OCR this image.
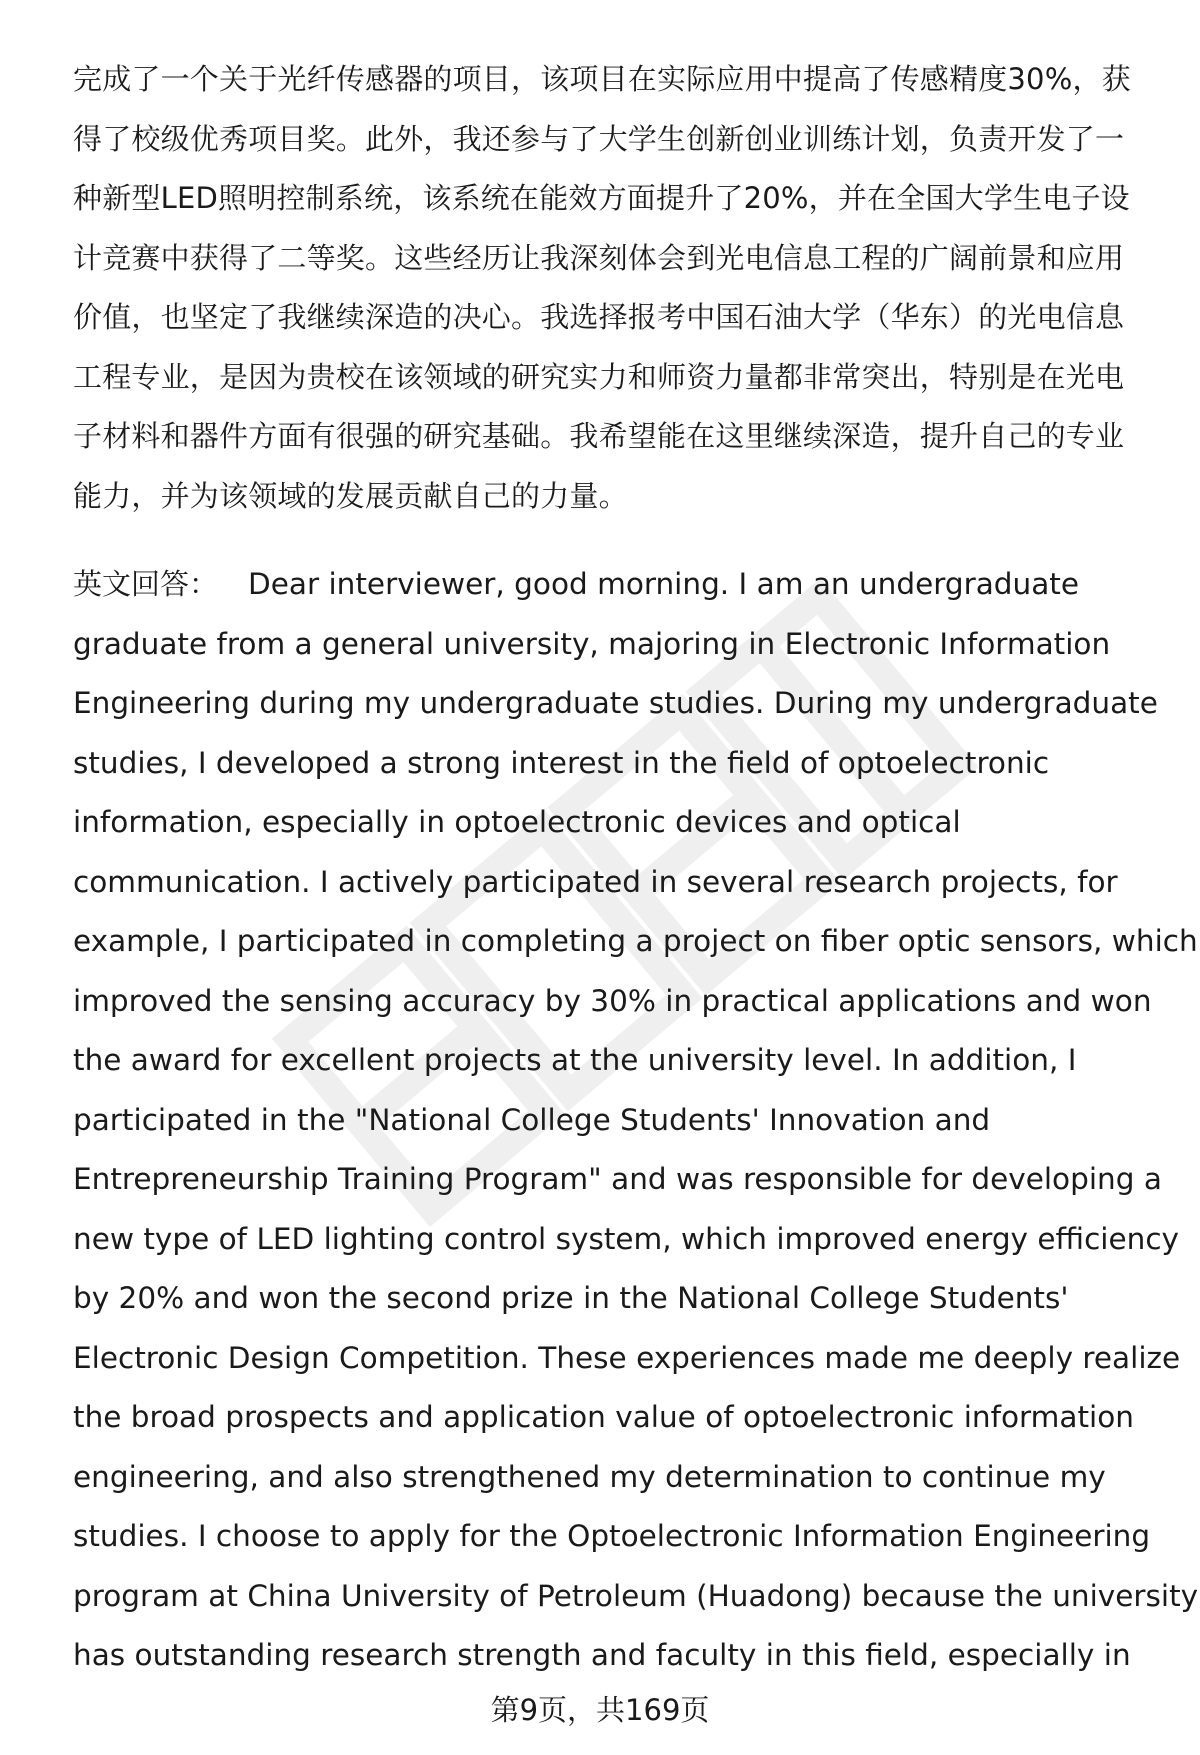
完成了一个关于光纤传感器的项目，该项目在实际应用中提高了传感精度30%，获
得了校级优秀项目奖。此外，我还参与了大学生创新创业训练计划，负责开发了一
种新型LED照明控制系统，该系统在能效方面提升了20%，并在全国大学生电子设
计竞赛中获得了二等奖。这些经历让我深刻体会到光电信息工程的广阔前景和应用
价值，也坚定了我继续深造的决心。我选择报考中国石油大学（华东）的光电信息
工程专业，是因为贵校在该领域的研究实力和师资力量都非常突出，特别是在光电
子材料和器件方面有很强的研究基础。我希望能在这里继续深造，提升自己的专业
能力，并为该领域的发展贡献自己的力量。
英文回答： Dear interviewer, good morning. I am an undergraduate
graduate from a general university, majoring in Electronic Information
Engineering during my undergraduate studies. During my undergraduate
studies, I developed a strong interest in the field of optoelectronic
information, especially in optoelectronic devices and optical
communication. I actively participated in several research projects, for
example, I participated in completing a project on fiber optic sensors, which
improved the sensing accuracy by 30% in practical applications and won
the award for excellent projects at the university level. In addition, I
participated in the "National College Students' Innovation and
Entrepreneurship Training Program" and was responsible for developing a
new type of LED lighting control system, which improved energy efficiency
by 20% and won the second prize in the National College Students'
Electronic Design Competition. These experiences made me deeply realize
the broad prospects and application value of optoelectronic information
engineering, and also strengthened my determination to continue my
studies. I choose to apply for the Optoelectronic Information Engineering
program at China University of Petroleum (Huadong) because the university
has outstanding research strength and faculty in this field, especially in
第9页，共169页
